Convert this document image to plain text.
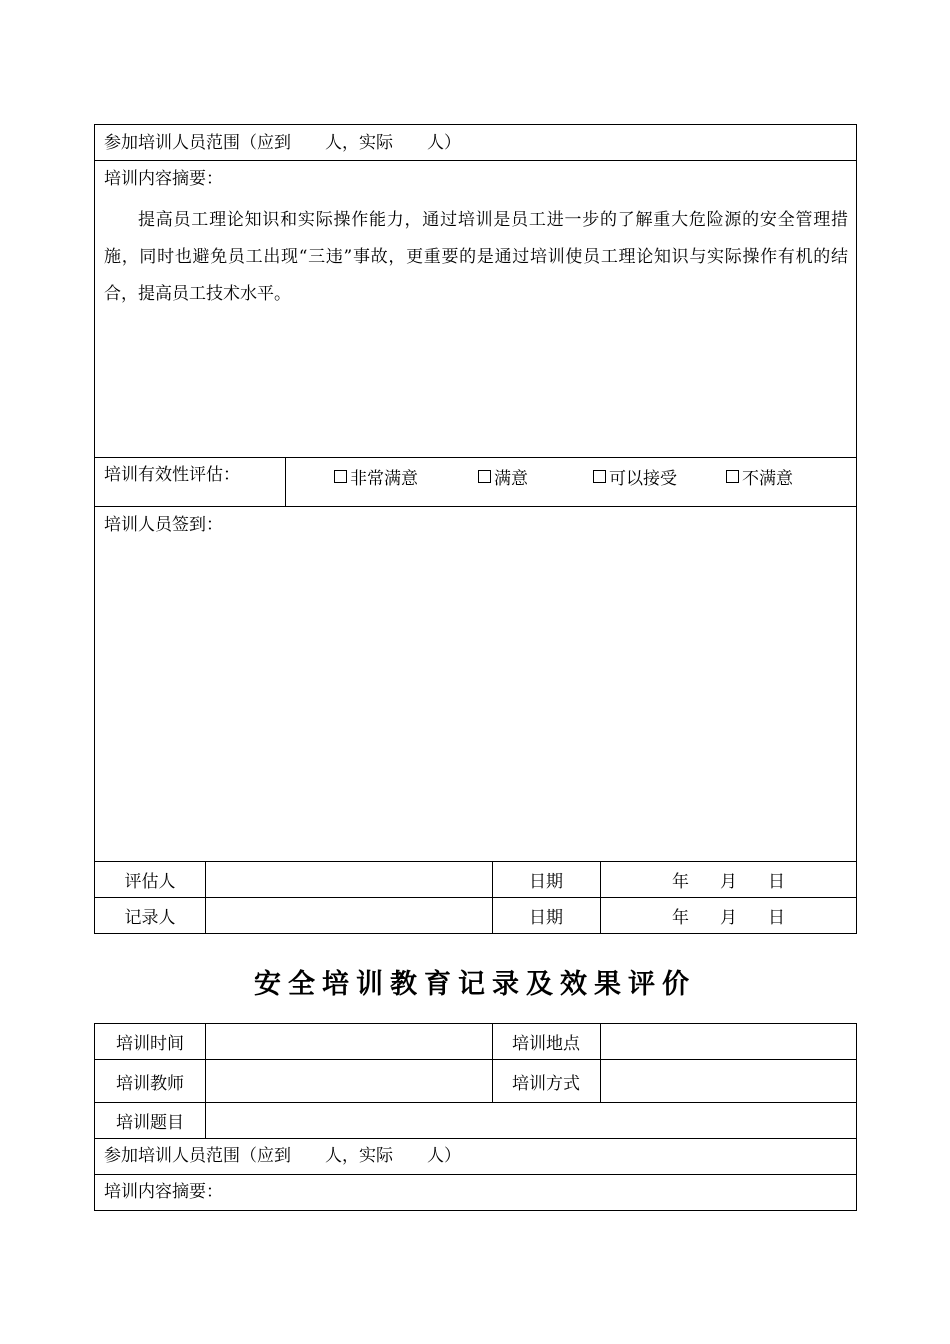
参加培训人员范围（应到　　人，实际　　人）
培训内容摘要：
提高员工理论知识和实际操作能力，通过培训是员工进一步的了解重大危险源的安全管理措施，同时也避免员工出现“三违”事故，更重要的是通过培训使员工理论知识与实际操作有机的结合，提高员工技术水平。
培训有效性评估：	非常满意	满意	可以接受	不满意
培训人员签到：
评估人	日期	年 月 日
记录人	日期	年 月 日
安全培训教育记录及效果评价
培训时间	培训地点
培训教师	培训方式
培训题目
参加培训人员范围（应到　　人，实际　　人）
培训内容摘要：
